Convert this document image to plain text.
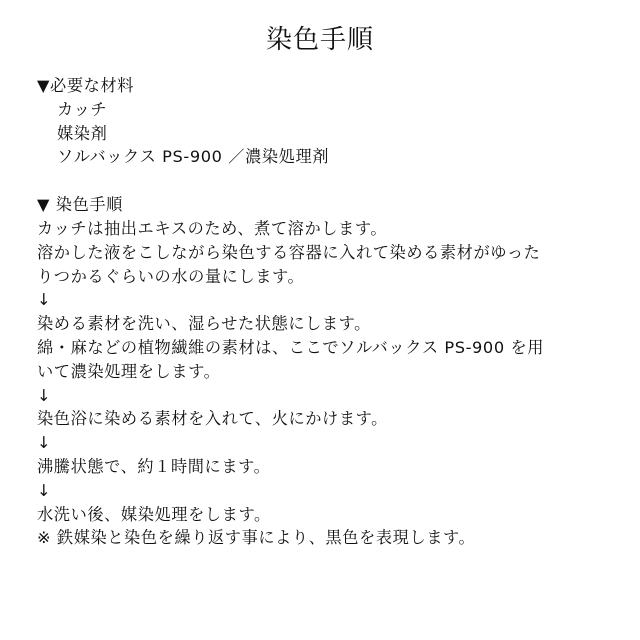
染色手順
▼必要な材料
カッチ
媒染剤
ソルバックス PS-900 ／濃染処理剤
▼ 染色手順
カッチは抽出エキスのため、煮て溶かします。
溶かした液をこしながら染色する容器に入れて染める素材がゆった
りつかるぐらいの水の量にします。
↓
染める素材を洗い、湿らせた状態にします。
綿・麻などの植物繊維の素材は、ここでソルバックス PS-900 を用
いて濃染処理をします。
↓
染色浴に染める素材を入れて、火にかけます。
↓
沸騰状態で、約１時間にます。
↓
水洗い後、媒染処理をします。
※ 鉄媒染と染色を繰り返す事により、黒色を表現します。
